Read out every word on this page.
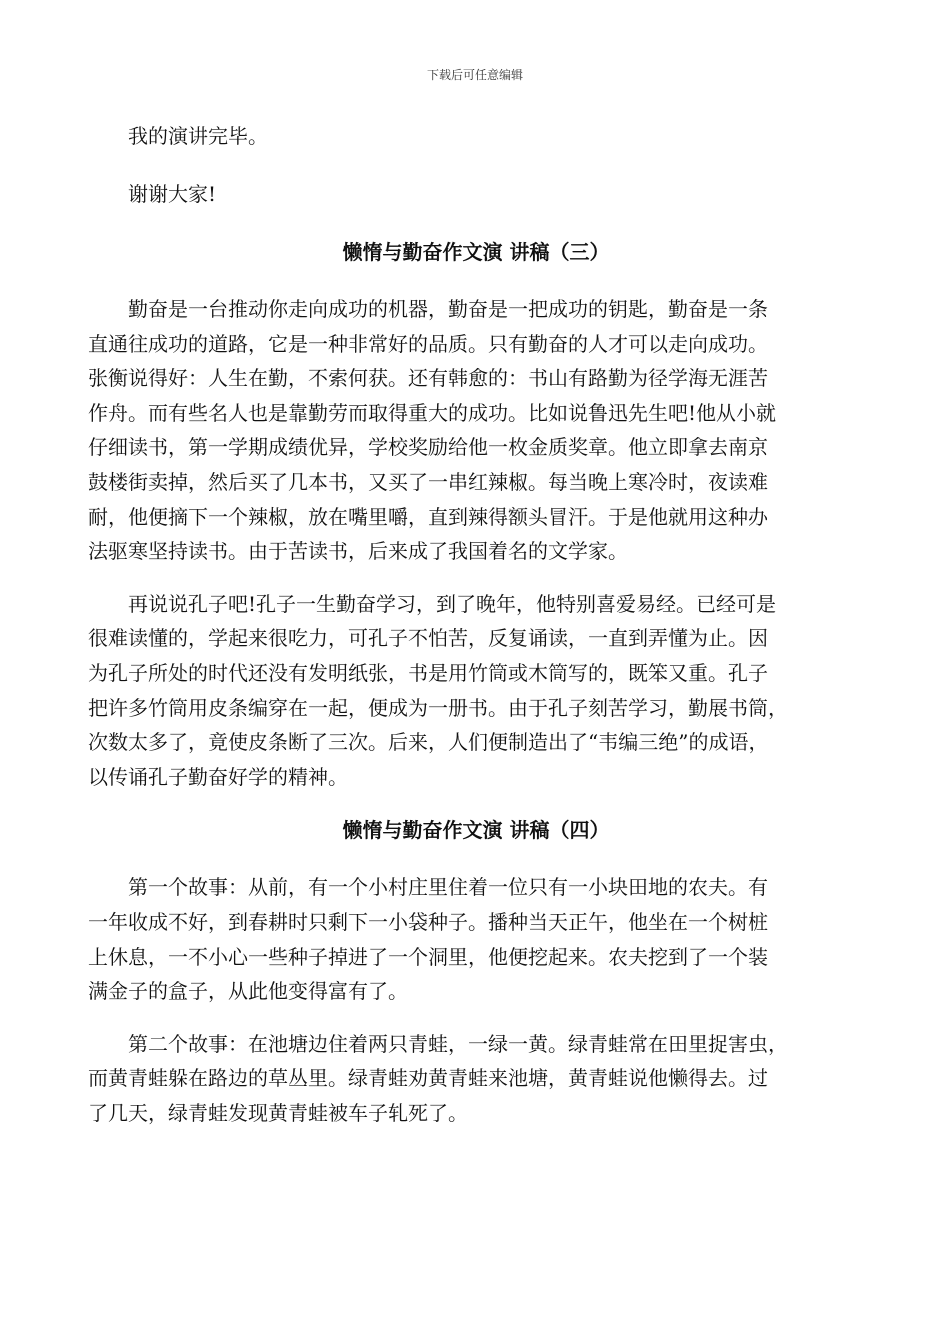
下载后可任意编辑

我的演讲完毕。

谢谢大家!

懒惰与勤奋作文演 讲稿（三）

勤奋是一台推动你走向成功的机器，勤奋是一把成功的钥匙，勤奋是一条
直通往成功的道路，它是一种非常好的品质。只有勤奋的人才可以走向成功。
张衡说得好：人生在勤，不索何获。还有韩愈的：书山有路勤为径学海无涯苦
作舟。而有些名人也是靠勤劳而取得重大的成功。比如说鲁迅先生吧!他从小就
仔细读书，第一学期成绩优异，学校奖励给他一枚金质奖章。他立即拿去南京
鼓楼街卖掉，然后买了几本书，又买了一串红辣椒。每当晚上寒冷时，夜读难
耐，他便摘下一个辣椒，放在嘴里嚼，直到辣得额头冒汗。于是他就用这种办
法驱寒坚持读书。由于苦读书，后来成了我国着名的文学家。

再说说孔子吧!孔子一生勤奋学习，到了晚年，他特别喜爱易经。已经可是
很难读懂的，学起来很吃力，可孔子不怕苦，反复诵读，一直到弄懂为止。因
为孔子所处的时代还没有发明纸张，书是用竹筒或木筒写的，既笨又重。孔子
把许多竹筒用皮条编穿在一起，便成为一册书。由于孔子刻苦学习，勤展书筒，
次数太多了，竟使皮条断了三次。后来，人们便制造出了“韦编三绝”的成语，
以传诵孔子勤奋好学的精神。

懒惰与勤奋作文演 讲稿（四）

第一个故事：从前，有一个小村庄里住着一位只有一小块田地的农夫。有
一年收成不好，到春耕时只剩下一小袋种子。播种当天正午，他坐在一个树桩
上休息，一不小心一些种子掉进了一个洞里，他便挖起来。农夫挖到了一个装
满金子的盒子，从此他变得富有了。

第二个故事：在池塘边住着两只青蛙，一绿一黄。绿青蛙常在田里捉害虫，
而黄青蛙躲在路边的草丛里。绿青蛙劝黄青蛙来池塘，黄青蛙说他懒得去。过
了几天，绿青蛙发现黄青蛙被车子轧死了。
